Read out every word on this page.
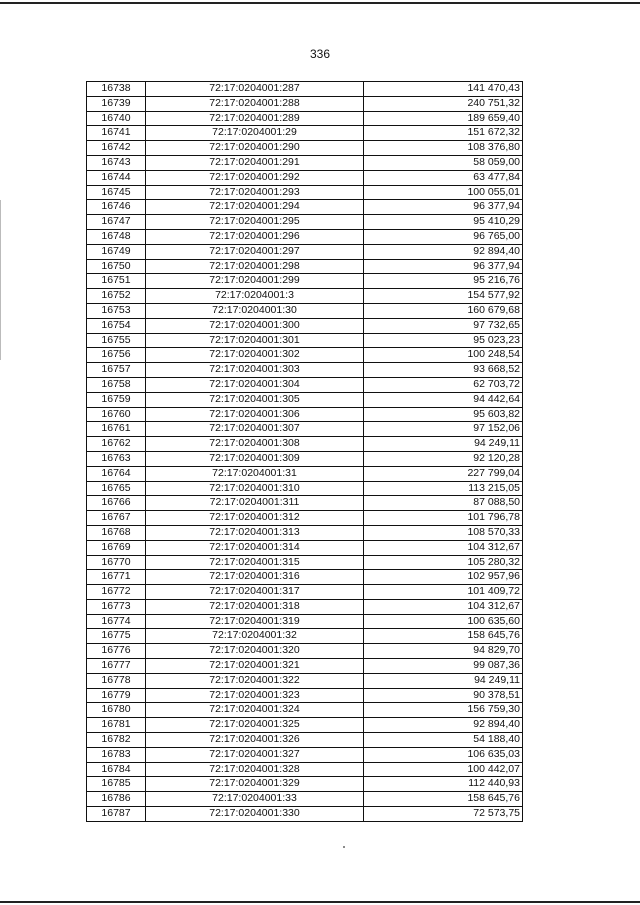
336
16738	72:17:0204001:287	141 470,43
16739	72:17:0204001:288	240 751,32
16740	72:17:0204001:289	189 659,40
16741	72:17:0204001:29	151 672,32
16742	72:17:0204001:290	108 376,80
16743	72:17:0204001:291	58 059,00
16744	72:17:0204001:292	63 477,84
16745	72:17:0204001:293	100 055,01
16746	72:17:0204001:294	96 377,94
16747	72:17:0204001:295	95 410,29
16748	72:17:0204001:296	96 765,00
16749	72:17:0204001:297	92 894,40
16750	72:17:0204001:298	96 377,94
16751	72:17:0204001:299	95 216,76
16752	72:17:0204001:3	154 577,92
16753	72:17:0204001:30	160 679,68
16754	72:17:0204001:300	97 732,65
16755	72:17:0204001:301	95 023,23
16756	72:17:0204001:302	100 248,54
16757	72:17:0204001:303	93 668,52
16758	72:17:0204001:304	62 703,72
16759	72:17:0204001:305	94 442,64
16760	72:17:0204001:306	95 603,82
16761	72:17:0204001:307	97 152,06
16762	72:17:0204001:308	94 249,11
16763	72:17:0204001:309	92 120,28
16764	72:17:0204001:31	227 799,04
16765	72:17:0204001:310	113 215,05
16766	72:17:0204001:311	87 088,50
16767	72:17:0204001:312	101 796,78
16768	72:17:0204001:313	108 570,33
16769	72:17:0204001:314	104 312,67
16770	72:17:0204001:315	105 280,32
16771	72:17:0204001:316	102 957,96
16772	72:17:0204001:317	101 409,72
16773	72:17:0204001:318	104 312,67
16774	72:17:0204001:319	100 635,60
16775	72:17:0204001:32	158 645,76
16776	72:17:0204001:320	94 829,70
16777	72:17:0204001:321	99 087,36
16778	72:17:0204001:322	94 249,11
16779	72:17:0204001:323	90 378,51
16780	72:17:0204001:324	156 759,30
16781	72:17:0204001:325	92 894,40
16782	72:17:0204001:326	54 188,40
16783	72:17:0204001:327	106 635,03
16784	72:17:0204001:328	100 442,07
16785	72:17:0204001:329	112 440,93
16786	72:17:0204001:33	158 645,76
16787	72:17:0204001:330	72 573,75
